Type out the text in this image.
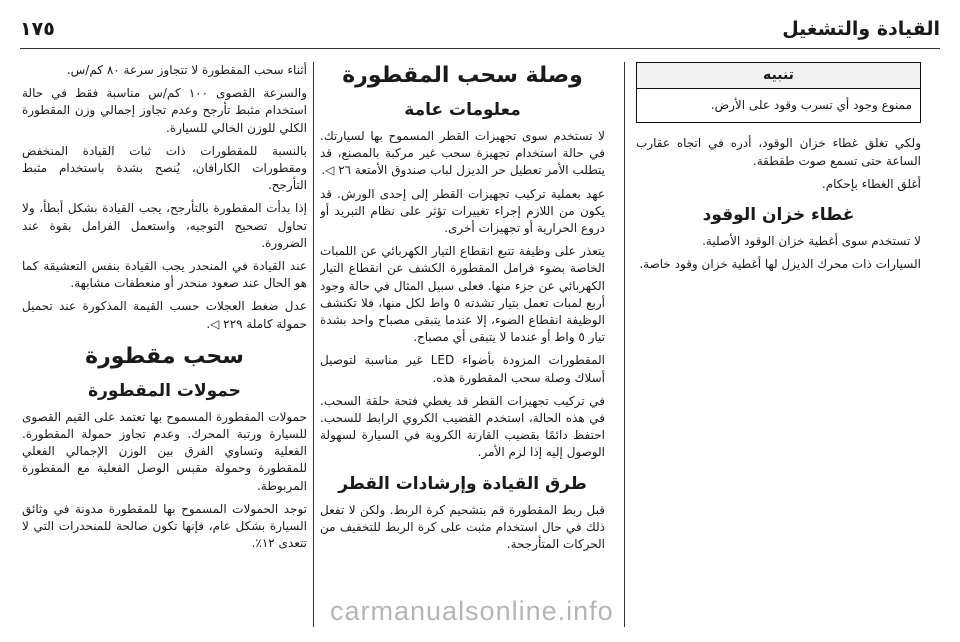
القيادة والتشغيل
١٧٥
تنبيه
ممنوع وجود أي تسرب وقود على الأرض.

ولكي تغلق غطاء خزان الوقود، أدره في اتجاه عقارب الساعة حتى تسمع صوت طقطقة.

أغلق الغطاء بإحكام.

غطاء خزان الوقود

لا تستخدم سوى أغطية خزان الوقود الأصلية.

السيارات ذات محرك الديزل لها أغطية خزان وقود خاصة.

وصلة سحب المقطورة
معلومات عامة

لا تستخدم سوى تجهيزات القطر المسموح بها لسيارتك. في حالة استخدام تجهيزة سحب غير مركبة بالمصنع، قد يتطلب الأمر تعطيل حر الديزل لباب صندوق الأمتعة ٢٦ ◁.

عهد بعملية تركيب تجهيزات القطر إلى إحدى الورش. قد يكون من اللازم إجراء تغييرات تؤثر على نظام التبريد أو دروع الحرارية أو تجهيزات أخرى.

يتعذر على وظيفة تتبع انقطاع التيار الكهربائي عن اللمبات الخاصة بضوء فرامل المقطورة الكشف عن انقطاع التيار الكهربائي عن جزء منها. فعلى سبيل المثال في حالة وجود أربع لمبات تعمل بتيار تشدته ٥ واط لكل منها، فلا تكتشف الوظيفة انقطاع الضوء، إلا عندما يتبقى مصباح واحد بشدة تيار ٥ واط أو عندما لا يتبقى أي مصباح.

المقطورات المزودة بأضواء LED غير مناسبة لتوصيل أسلاك وصلة سحب المقطورة هذه.

في تركيب تجهيزات القطر قد يغطي فتحة حلقة السحب. في هذه الحالة، استخدم القضيب الكروي الرابط للسحب. احتفظ دائمًا بقضيب القارنة الكروية في السيارة لسهولة الوصول إليه إذا لزم الأمر.

طرق القيادة وإرشادات القطر

قبل ربط المقطورة قم بتشحيم كرة الربط. ولكن لا تفعل ذلك في حال استخدام مثبت على كرة الربط للتخفيف من الحركات المتأرجحة.

أثناء سحب المقطورة لا تتجاوز سرعة ٨٠ كم/س.

والسرعة القصوى ١٠٠ كم/س مناسبة فقط في حالة استخدام مثبط تأرجح وعدم تجاوز إجمالي وزن المقطورة الكلي للوزن الخالي للسيارة.

بالنسبة للمقطورات ذات ثبات القيادة المنخفض ومقطورات الكارافان، يُنصح بشدة باستخدام مثبط التأرجح.

إذا بدأت المقطورة بالتأرجح، يجب القيادة بشكل أبطأ، ولا تحاول تصحيح التوجيه، واستعمل الفرامل بقوة عند الضرورة.

عند القيادة في المنحدر يجب القيادة بنفس التعشيقة كما هو الحال عند صعود منحدر أو منعطفات مشابهة.

عدل ضغط العجلات حسب القيمة المذكورة عند تحميل حمولة كاملة ٢٢٩ ◁.

سحب مقطورة
حمولات المقطورة

حمولات المقطورة المسموح بها تعتمد على القيم القصوى للسيارة ورتبة المحرك. وعدم تجاوز حمولة المقطورة. الفعلية وتساوي الفرق بين الوزن الإجمالي الفعلي للمقطورة وحمولة مقبس الوصل الفعلية مع المقطورة المربوطة.

توجد الحمولات المسموح بها للمقطورة مدونة في وثائق السيارة بشكل عام، فإنها تكون صالحة للمنحدرات التي لا تتعدى ١٢٪.

carmanualsonline.info
